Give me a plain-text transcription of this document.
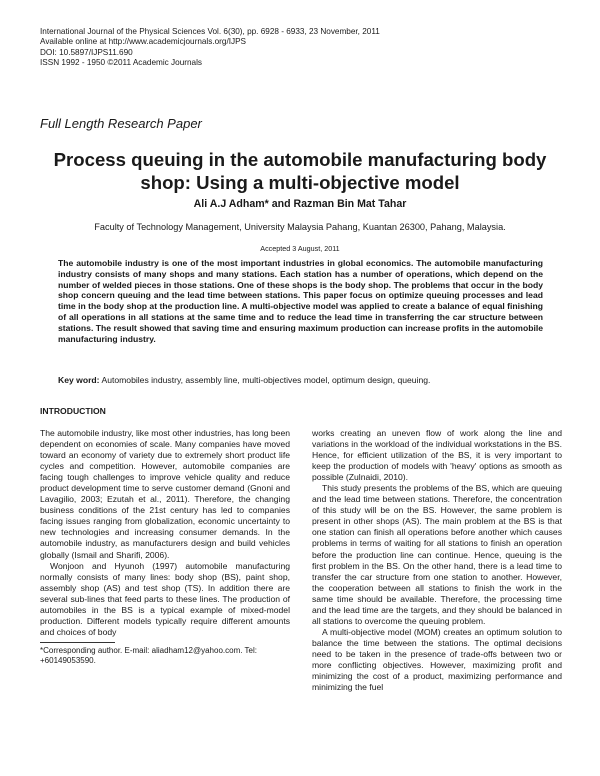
International Journal of the Physical Sciences Vol. 6(30), pp. 6928 - 6933, 23 November, 2011
Available online at http://www.academicjournals.org/IJPS
DOI: 10.5897/IJPS11.690
ISSN 1992 - 1950 ©2011 Academic Journals
Full Length Research Paper
Process queuing in the automobile manufacturing body shop: Using a multi-objective model
Ali A.J Adham* and Razman Bin Mat Tahar
Faculty of Technology Management, University Malaysia Pahang, Kuantan 26300, Pahang, Malaysia.
Accepted 3 August, 2011
The automobile industry is one of the most important industries in global economics. The automobile manufacturing industry consists of many shops and many stations. Each station has a number of operations, which depend on the number of welded pieces in those stations. One of these shops is the body shop. The problems that occur in the body shop concern queuing and the lead time between stations. This paper focus on optimize queuing processes and lead time in the body shop at the production line. A multi-objective model was applied to create a balance of equal finishing of all operations in all stations at the same time and to reduce the lead time in transferring the car structure between stations. The result showed that saving time and ensuring maximum production can increase profits in the automobile manufacturing industry.
Key word: Automobiles industry, assembly line, multi-objectives model, optimum design, queuing.
INTRODUCTION

The automobile industry, like most other industries, has long been dependent on economies of scale. Many companies have moved toward an economy of variety due to extremely short product life cycles and competition. However, automobile companies are facing tough challenges to improve vehicle quality and reduce product development time to serve customer demand (Gnoni and Lavagilio, 2003; Ezutah et al., 2011). Therefore, the changing business conditions of the 21st century has led to companies facing issues ranging from globalization, economic uncertainty to new technologies and increasing consumer demands. In the automobile industry, as manufacturers design and build vehicles globally (Ismail and Sharifi, 2006).

Wonjoon and Hyunoh (1997) automobile manufacturing normally consists of many lines: body shop (BS), paint shop, assembly shop (AS) and test shop (TS). In addition there are several sub-lines that feed parts to these lines. The production of automobiles in the BS is a typical example of mixed-model production. Different models typically require different amounts and choices of body

works creating an uneven flow of work along the line and variations in the workload of the individual workstations in the BS. Hence, for efficient utilization of the BS, it is very important to keep the production of models with 'heavy' options as smooth as possible (Zulnaidi, 2010).

This study presents the problems of the BS, which are queuing and the lead time between stations. Therefore, the concentration of this study will be on the BS. However, the same problem is present in other shops (AS). The main problem at the BS is that one station can finish all operations before another which causes problems in terms of waiting for all stations to finish an operation before the production line can continue. Hence, queuing is the first problem in the BS. On the other hand, there is a lead time to transfer the car structure from one station to another. However, the cooperation between all stations to finish the work in the same time should be available. Therefore, the processing time and the lead time are the targets, and they should be balanced in all stations to overcome the queuing problem.

A multi-objective model (MOM) creates an optimum solution to balance the time between the stations. The optimal decisions need to be taken in the presence of trade-offs between two or more conflicting objectives. However, maximizing profit and minimizing the cost of a product, maximizing performance and minimizing the fuel

*Corresponding author. E-mail: aliadham12@yahoo.com. Tel: +60149053590.
